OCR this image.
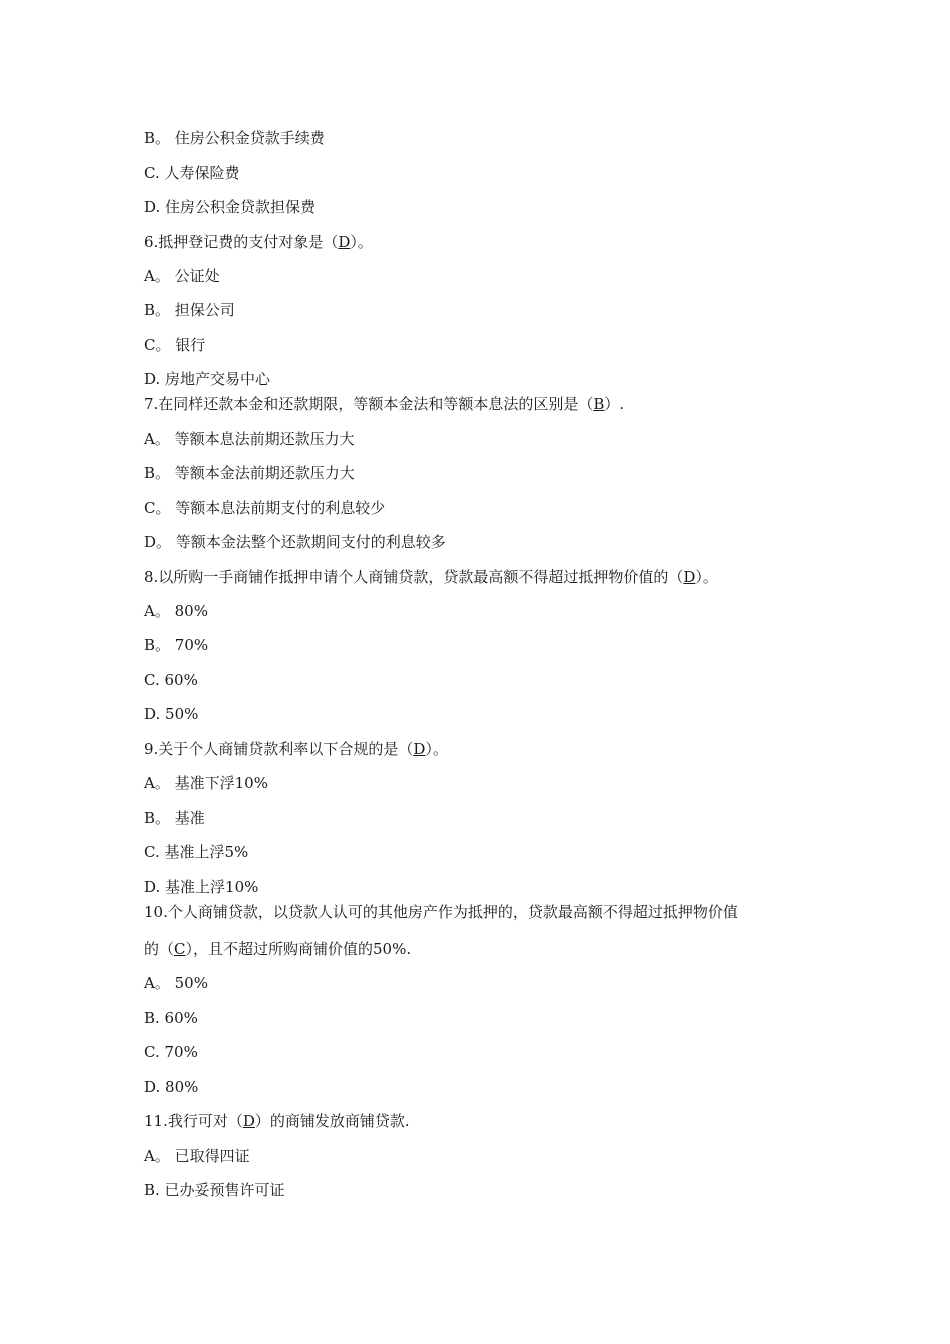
B。 住房公积金贷款手续费
C. 人寿保险费
D. 住房公积金贷款担保费
6.抵押登记费的支付对象是（D）。
A。 公证处
B。 担保公司
C。 银行
D. 房地产交易中心
7.在同样还款本金和还款期限，等额本金法和等额本息法的区别是（B）.
A。 等额本息法前期还款压力大
B。 等额本金法前期还款压力大
C。 等额本息法前期支付的利息较少
D。 等额本金法整个还款期间支付的利息较多
8.以所购一手商铺作抵押申请个人商铺贷款，贷款最高额不得超过抵押物价值的（D）。
A。 80%
B。 70%
C. 60%
D. 50%
9.关于个人商铺贷款利率以下合规的是（D）。
A。 基准下浮10%
B。 基准
C. 基准上浮5%
D. 基准上浮10%
10.个人商铺贷款，以贷款人认可的其他房产作为抵押的，贷款最高额不得超过抵押物价值
的（C），且不超过所购商铺价值的50%.
A。 50%
B. 60%
C. 70%
D. 80%
11.我行可对（D）的商铺发放商铺贷款.
A。 已取得四证
B. 已办妥预售许可证
